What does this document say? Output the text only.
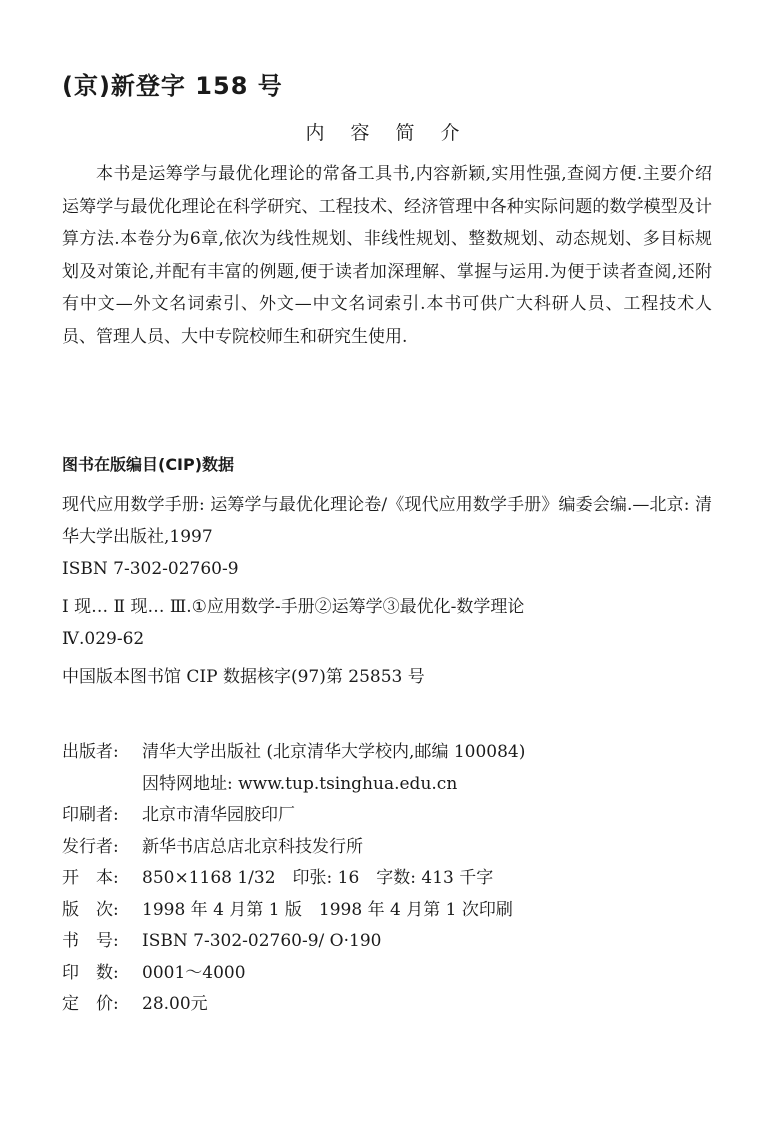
(京)新登字 158 号
内 容 简 介

本书是运筹学与最优化理论的常备工具书,内容新颖,实用性强,查阅方便.主要介绍运筹学与最优化理论在科学研究、工程技术、经济管理中各种实际问题的数学模型及计算方法.本卷分为6章,依次为线性规划、非线性规划、整数规划、动态规划、多目标规划及对策论,并配有丰富的例题,便于读者加深理解、掌握与运用.为便于读者查阅,还附有中文—外文名词索引、外文—中文名词索引.本书可供广大科研人员、工程技术人员、管理人员、大中专院校师生和研究生使用.

图书在版编目(CIP)数据
现代应用数学手册: 运筹学与最优化理论卷/《现代应用数学手册》编委会编.—北京: 清华大学出版社,1997
ISBN 7-302-02760-9
Ⅰ 现… Ⅱ 现… Ⅲ.①应用数学-手册②运筹学③最优化-数学理论
Ⅳ.029-62
中国版本图书馆 CIP 数据核字(97)第 25853 号
出版者: 清华大学出版社 (北京清华大学校内,邮编 100084)
因特网地址: www.tup.tsinghua.edu.cn
印刷者: 北京市清华园胶印厂
发行者: 新华书店总店北京科技发行所
开　本: 850×1168 1/32　印张: 16　字数: 413 千字
版　次: 1998 年 4 月第 1 版　1998 年 4 月第 1 次印刷
书　号: ISBN 7-302-02760-9/ O·190
印　数: 0001～4000
定　价: 28.00元
